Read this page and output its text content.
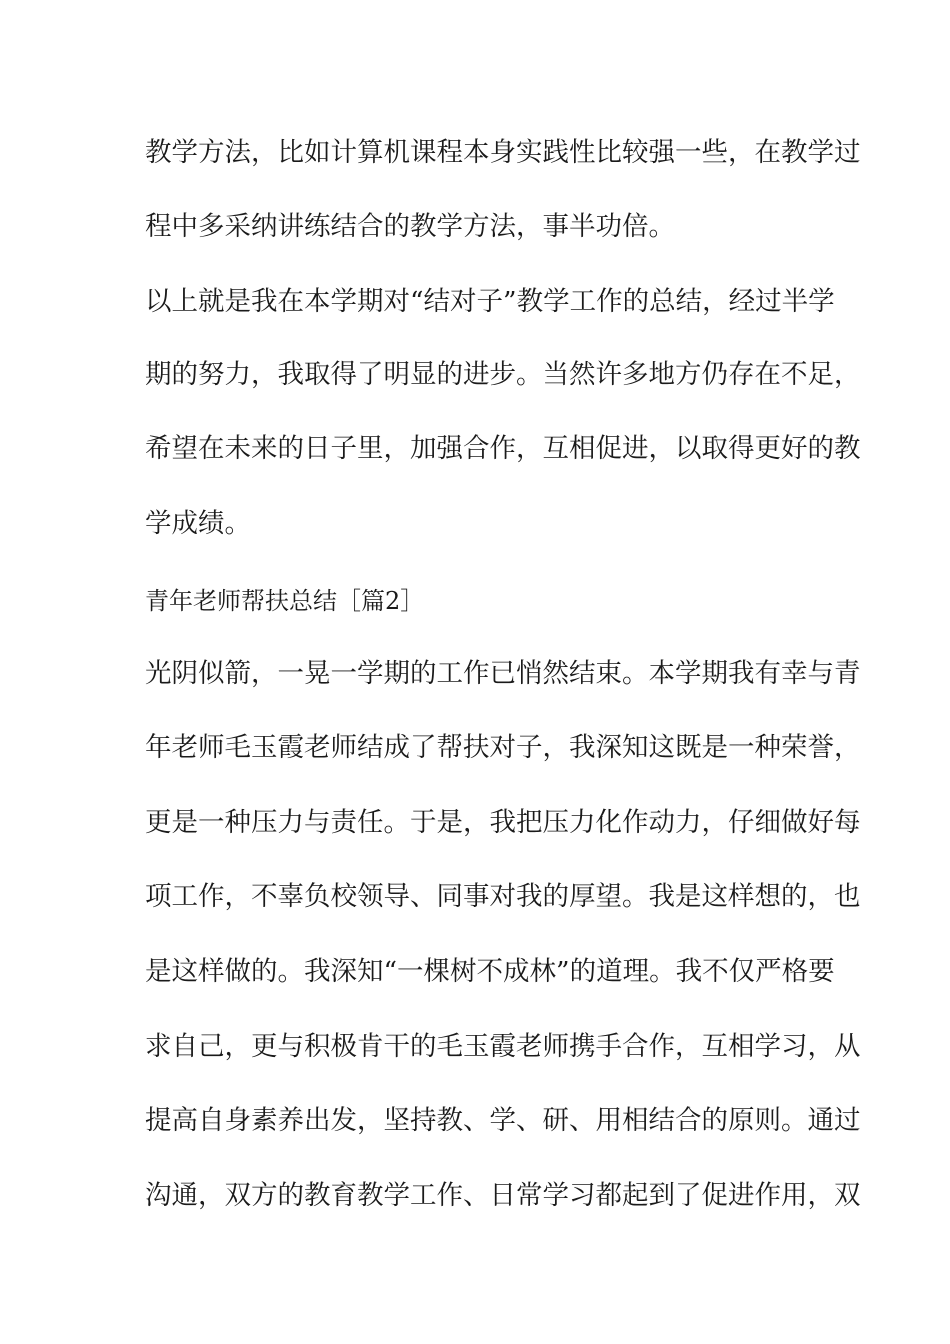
教学方法，比如计算机课程本身实践性比较强一些，在教学过
程中多采纳讲练结合的教学方法，事半功倍。
以上就是我在本学期对“结对子”教学工作的总结，经过半学
期的努力，我取得了明显的进步。当然许多地方仍存在不足，
希望在未来的日子里，加强合作，互相促进，以取得更好的教
学成绩。
青年老师帮扶总结［篇2］
光阴似箭，一晃一学期的工作已悄然结束。本学期我有幸与青
年老师毛玉霞老师结成了帮扶对子，我深知这既是一种荣誉，
更是一种压力与责任。于是，我把压力化作动力，仔细做好每
项工作，不辜负校领导、同事对我的厚望。我是这样想的，也
是这样做的。我深知“一棵树不成林”的道理。我不仅严格要
求自己，更与积极肯干的毛玉霞老师携手合作，互相学习，从
提高自身素养出发，坚持教、学、研、用相结合的原则。通过
沟通，双方的教育教学工作、日常学习都起到了促进作用，双
